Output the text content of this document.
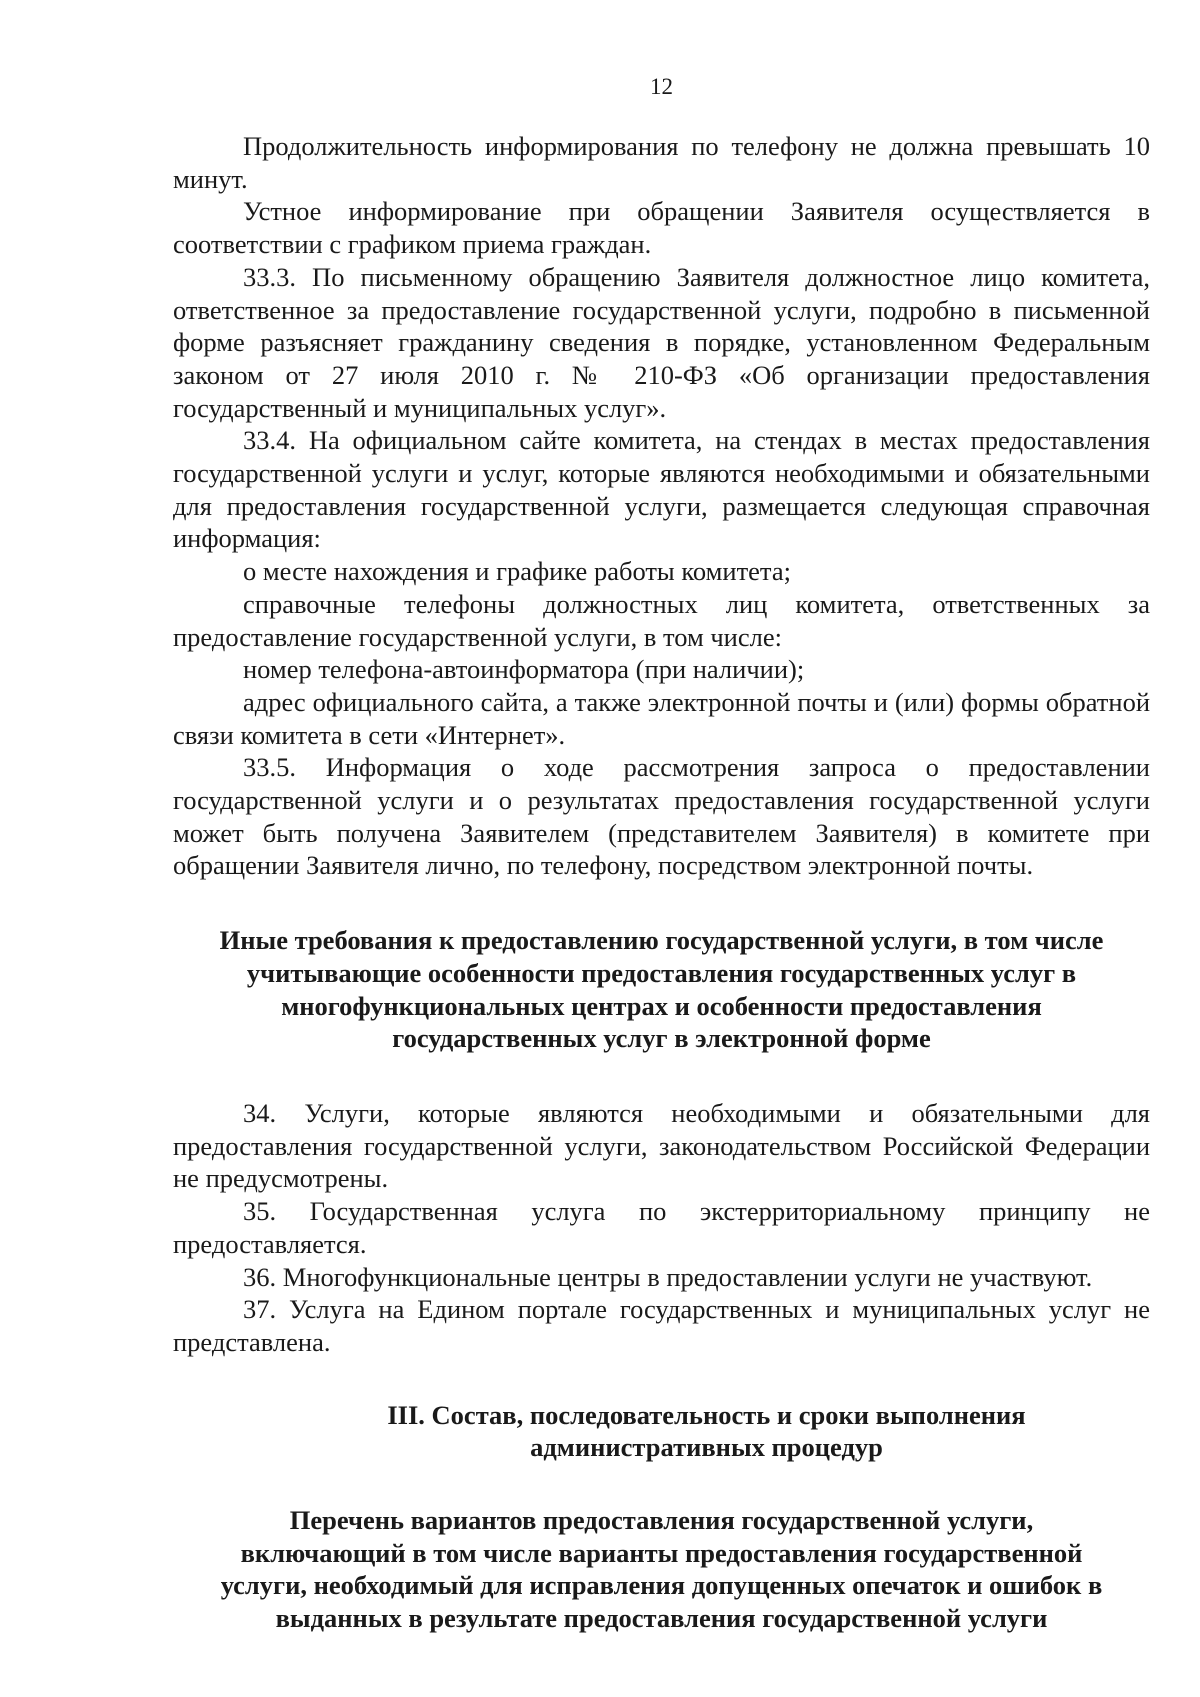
12

Продолжительность информирования по телефону не должна превышать 10 минут.

Устное информирование при обращении Заявителя осуществляется в соответствии с графиком приема граждан.

33.3. По письменному обращению Заявителя должностное лицо комитета, ответственное за предоставление государственной услуги, подробно в письменной форме разъясняет гражданину сведения в порядке, установленном Федеральным законом от 27 июля 2010 г. № 210-ФЗ «Об организации предоставления государственный и муниципальных услуг».

33.4. На официальном сайте комитета, на стендах в местах предоставления государственной услуги и услуг, которые являются необходимыми и обязательными для предоставления государственной услуги, размещается следующая справочная информация:

о месте нахождения и графике работы комитета;

справочные телефоны должностных лиц комитета, ответственных за предоставление государственной услуги, в том числе:

номер телефона-автоинформатора (при наличии);

адрес официального сайта, а также электронной почты и (или) формы обратной связи комитета в сети «Интернет».

33.5. Информация о ходе рассмотрения запроса о предоставлении государственной услуги и о результатах предоставления государственной услуги может быть получена Заявителем (представителем Заявителя) в комитете при обращении Заявителя лично, по телефону, посредством электронной почты.

Иные требования к предоставлению государственной услуги, в том числе

учитывающие особенности предоставления государственных услуг в

многофункциональных центрах и особенности предоставления

государственных услуг в электронной форме

34. Услуги, которые являются необходимыми и обязательными для предоставления государственной услуги, законодательством Российской Федерации не предусмотрены.

35. Государственная услуга по экстерриториальному принципу не предоставляется.

36. Многофункциональные центры в предоставлении услуги не участвуют.

37. Услуга на Едином портале государственных и муниципальных услуг не представлена.

III. Состав, последовательность и сроки выполнения

административных процедур

Перечень вариантов предоставления государственной услуги,

включающий в том числе варианты предоставления государственной

услуги, необходимый для исправления допущенных опечаток и ошибок в

выданных в результате предоставления государственной услуги
